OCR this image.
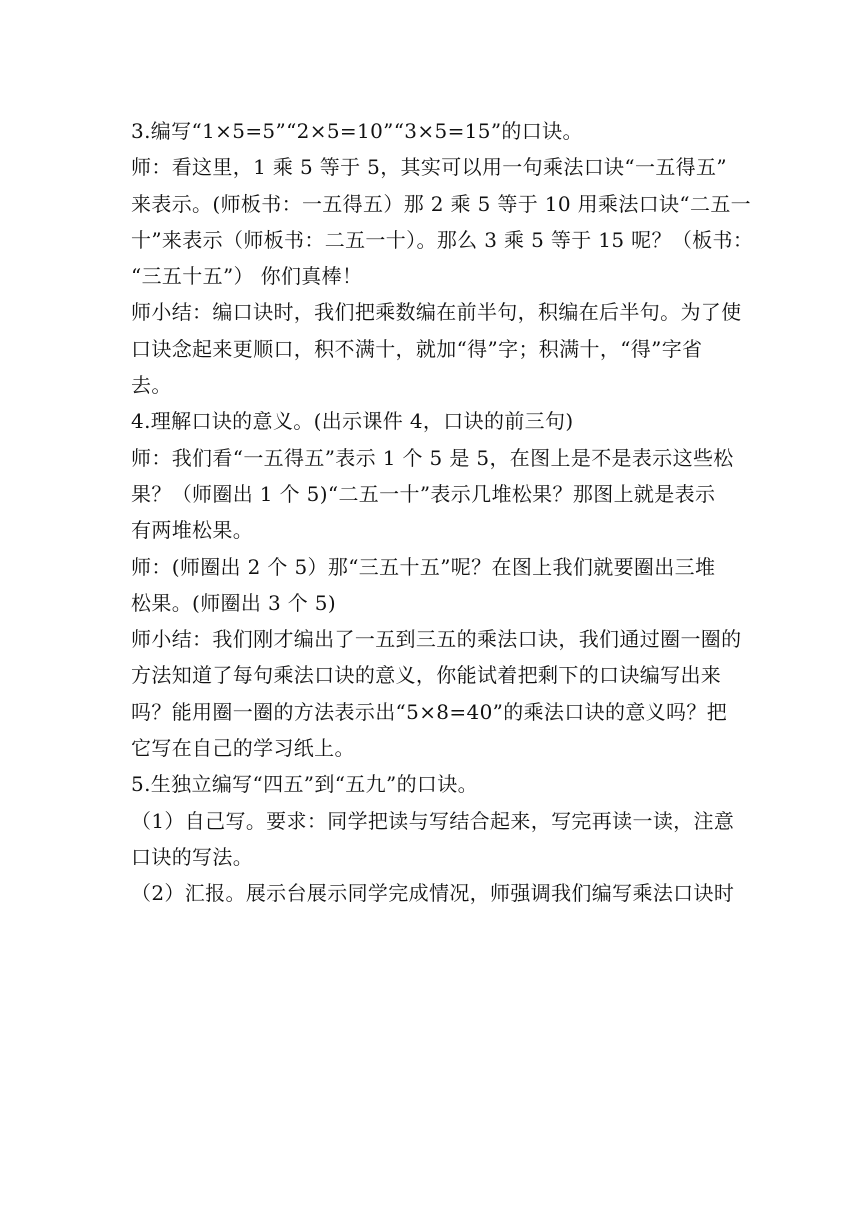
3.编写“1×5=5”“2×5=10”“3×5=15”的口诀。
师：看这里，1 乘 5 等于 5，其实可以用一句乘法口诀“一五得五”
来表示。(师板书：一五得五）那 2 乘 5 等于 10 用乘法口诀“二五一
十”来表示（师板书：二五一十）。那么 3 乘 5 等于 15 呢？（板书：
“三五十五”） 你们真棒！
师小结：编口诀时，我们把乘数编在前半句，积编在后半句。为了使
口诀念起来更顺口，积不满十，就加“得”字；积满十，“得”字省
去。
4.理解口诀的意义。(出示课件 4，口诀的前三句)
师：我们看“一五得五”表示 1 个 5 是 5，在图上是不是表示这些松
果？（师圈出 1 个 5)“二五一十”表示几堆松果？那图上就是表示
有两堆松果。
师：(师圈出 2 个 5）那“三五十五”呢？在图上我们就要圈出三堆
松果。(师圈出 3 个 5)
师小结：我们刚才编出了一五到三五的乘法口诀，我们通过圈一圈的
方法知道了每句乘法口诀的意义，你能试着把剩下的口诀编写出来
吗？能用圈一圈的方法表示出“5×8=40”的乘法口诀的意义吗？把
它写在自己的学习纸上。
5.生独立编写“四五”到“五九”的口诀。
（1）自己写。要求：同学把读与写结合起来，写完再读一读，注意
口诀的写法。
（2）汇报。展示台展示同学完成情况，师强调我们编写乘法口诀时
